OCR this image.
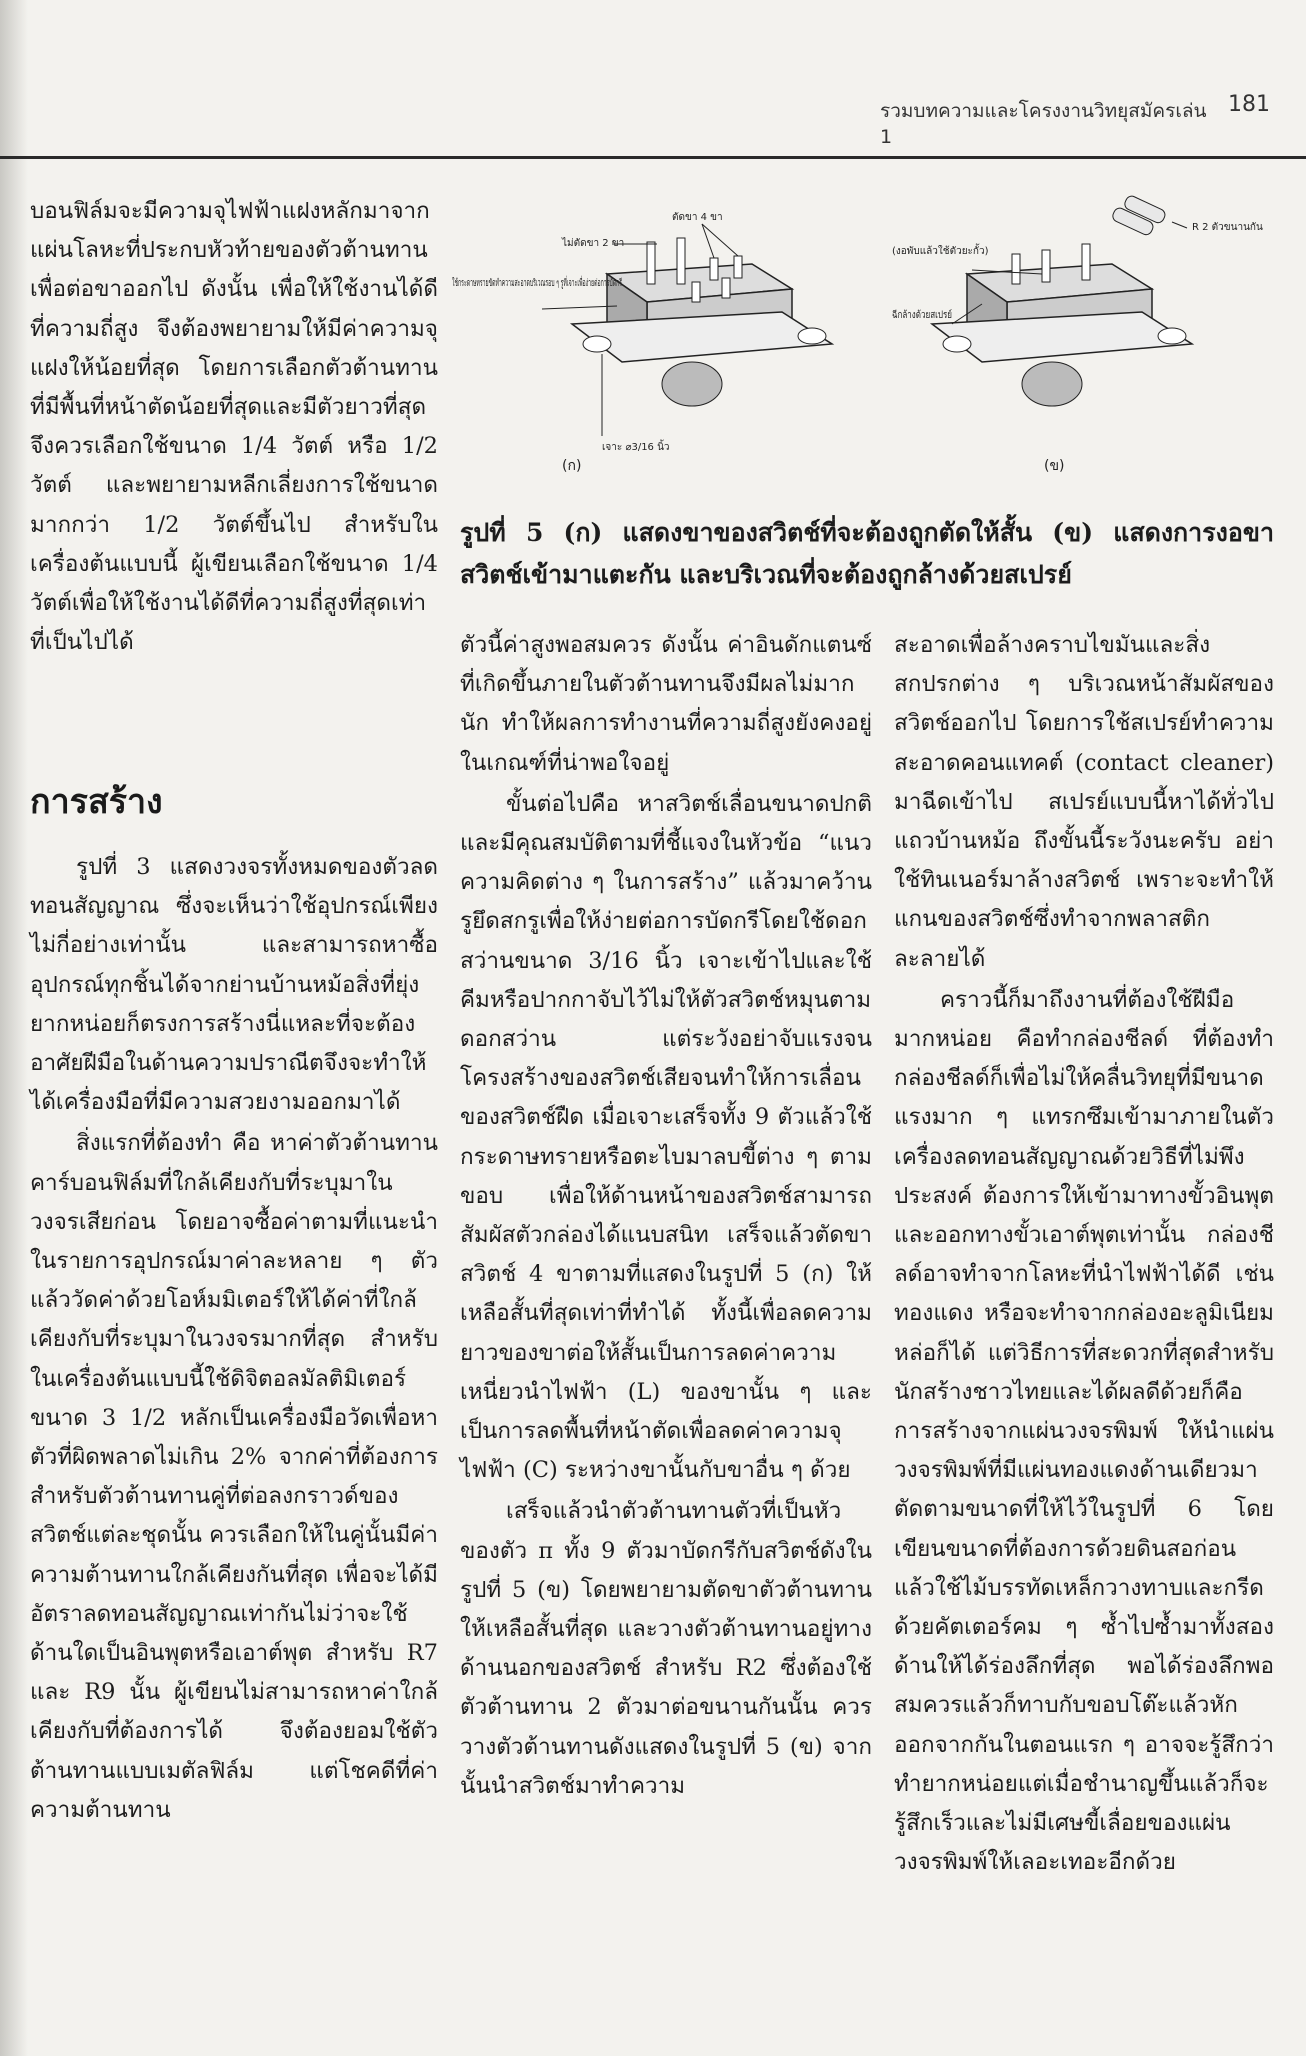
รวมบทความและโครงงานวิทยุสมัครเล่น 1
181

บอนฟิล์มจะมีความจุไฟฟ้าแฝงหลักมาจากแผ่นโลหะที่ประกบหัวท้ายของตัวต้านทานเพื่อต่อขาออกไป ดังนั้น เพื่อให้ใช้งานได้ดีที่ความถี่สูง จึงต้องพยายามให้มีค่าความจุแฝงให้น้อยที่สุด โดยการเลือกตัวต้านทานที่มีพื้นที่หน้าตัดน้อยที่สุดและมีตัวยาวที่สุด จึงควรเลือกใช้ขนาด 1/4 วัตต์ หรือ 1/2 วัตต์ และพยายามหลีกเลี่ยงการใช้ขนาดมากกว่า 1/2 วัตต์ขึ้นไป สำหรับในเครื่องต้นแบบนี้ ผู้เขียนเลือกใช้ขนาด 1/4 วัตต์เพื่อให้ใช้งานได้ดีที่ความถี่สูงที่สุดเท่าที่เป็นไปได้

การสร้าง

รูปที่ 3 แสดงวงจรทั้งหมดของตัวลดทอนสัญญาณ ซึ่งจะเห็นว่าใช้อุปกรณ์เพียงไม่กี่อย่างเท่านั้น และสามารถหาซื้ออุปกรณ์ทุกชิ้นได้จากย่านบ้านหม้อสิ่งที่ยุ่งยากหน่อยก็ตรงการสร้างนี่แหละที่จะต้องอาศัยฝีมือในด้านความปราณีตจึงจะทำให้ได้เครื่องมือที่มีความสวยงามออกมาได้

สิ่งแรกที่ต้องทำ คือ หาค่าตัวต้านทานคาร์บอนฟิล์มที่ใกล้เคียงกับที่ระบุมาในวงจรเสียก่อน โดยอาจซื้อค่าตามที่แนะนำในรายการอุปกรณ์มาค่าละหลาย ๆ ตัว แล้ววัดค่าด้วยโอห์มมิเตอร์ให้ได้ค่าที่ใกล้เคียงกับที่ระบุมาในวงจรมากที่สุด สำหรับในเครื่องต้นแบบนี้ใช้ดิจิตอลมัลติมิเตอร์ขนาด 3 1/2 หลักเป็นเครื่องมือวัดเพื่อหาตัวที่ผิดพลาดไม่เกิน 2% จากค่าที่ต้องการ สำหรับตัวต้านทานคู่ที่ต่อลงกราวด์ของสวิตช์แต่ละชุดนั้น ควรเลือกให้ในคู่นั้นมีค่าความต้านทานใกล้เคียงกันที่สุด เพื่อจะได้มีอัตราลดทอนสัญญาณเท่ากันไม่ว่าจะใช้ด้านใดเป็นอินพุตหรือเอาต์พุต สำหรับ R7 และ R9 นั้น ผู้เขียนไม่สามารถหาค่าใกล้เคียงกับที่ต้องการได้ จึงต้องยอมใช้ตัวต้านทานแบบเมตัลฟิล์ม แต่โชคดีที่ค่าความต้านทาน

ไม่ตัดขา 2 ขา
ตัดขา 4 ขา
ใช้กระดาษทรายขัดทำความสะอาดบริเวณรอบ ๆ รูที่เจาะเพื่อง่ายต่อการบัดกรี
เจาะ ⌀3/16 นิ้ว
(ก)
(งอพับแล้วใช้ตัวยะกั้ว)
R 2 ตัวขนานกัน
ฉีกล้างด้วยสเปรย์
(ข)

รูปที่ 5 (ก) แสดงขาของสวิตช์ที่จะต้องถูกตัดให้สั้น (ข) แสดงการงอขาสวิตช์เข้ามาแตะกัน และบริเวณที่จะต้องถูกล้างด้วยสเปรย์

ตัวนี้ค่าสูงพอสมควร ดังนั้น ค่าอินดักแตนซ์ที่เกิดขึ้นภายในตัวต้านทานจึงมีผลไม่มากนัก ทำให้ผลการทำงานที่ความถี่สูงยังคงอยู่ในเกณฑ์ที่น่าพอใจอยู่

ขั้นต่อไปคือ หาสวิตช์เลื่อนขนาดปกติ และมีคุณสมบัติตามที่ชี้แจงในหัวข้อ “แนวความคิดต่าง ๆ ในการสร้าง” แล้วมาคว้านรูยึดสกรูเพื่อให้ง่ายต่อการบัดกรีโดยใช้ดอกสว่านขนาด 3/16 นิ้ว เจาะเข้าไปและใช้คีมหรือปากกาจับไว้ไม่ให้ตัวสวิตช์หมุนตามดอกสว่าน แต่ระวังอย่าจับแรงจนโครงสร้างของสวิตช์เสียจนทำให้การเลื่อนของสวิตช์ฝืด เมื่อเจาะเสร็จทั้ง 9 ตัวแล้วใช้กระดาษทรายหรือตะไบมาลบขี้ต่าง ๆ ตามขอบ เพื่อให้ด้านหน้าของสวิตช์สามารถสัมผัสตัวกล่องได้แนบสนิท เสร็จแล้วตัดขาสวิตช์ 4 ขาตามที่แสดงในรูปที่ 5 (ก) ให้เหลือสั้นที่สุดเท่าที่ทำได้ ทั้งนี้เพื่อลดความยาวของขาต่อให้สั้นเป็นการลดค่าความเหนี่ยวนำไฟฟ้า (L) ของขานั้น ๆ และเป็นการลดพื้นที่หน้าตัดเพื่อลดค่าความจุไฟฟ้า (C) ระหว่างขานั้นกับขาอื่น ๆ ด้วย

เสร็จแล้วนำตัวต้านทานตัวที่เป็นหัวของตัว π ทั้ง 9 ตัวมาบัดกรีกับสวิตช์ดังในรูปที่ 5 (ข) โดยพยายามตัดขาตัวต้านทานให้เหลือสั้นที่สุด และวางตัวต้านทานอยู่ทางด้านนอกของสวิตช์ สำหรับ R2 ซึ่งต้องใช้ตัวต้านทาน 2 ตัวมาต่อขนานกันนั้น ควรวางตัวต้านทานดังแสดงในรูปที่ 5 (ข) จากนั้นนำสวิตช์มาทำความ

สะอาดเพื่อล้างคราบไขมันและสิ่งสกปรกต่าง ๆ บริเวณหน้าสัมผัสของสวิตช์ออกไป โดยการใช้สเปรย์ทำความสะอาดคอนแทคต์ (contact cleaner) มาฉีดเข้าไป สเปรย์แบบนี้หาได้ทั่วไปแถวบ้านหม้อ ถึงขั้นนี้ระวังนะครับ อย่าใช้ทินเนอร์มาล้างสวิตช์ เพราะจะทำให้แกนของสวิตช์ซึ่งทำจากพลาสติกละลายได้

คราวนี้ก็มาถึงงานที่ต้องใช้ฝีมือมากหน่อย คือทำกล่องชีลด์ ที่ต้องทำกล่องชีลด์ก็เพื่อไม่ให้คลื่นวิทยุที่มีขนาดแรงมาก ๆ แทรกซึมเข้ามาภายในตัวเครื่องลดทอนสัญญาณด้วยวิธีที่ไม่พึงประสงค์ ต้องการให้เข้ามาทางขั้วอินพุตและออกทางขั้วเอาต์พุตเท่านั้น กล่องชีลด์อาจทำจากโลหะที่นำไฟฟ้าได้ดี เช่น ทองแดง หรือจะทำจากกล่องอะลูมิเนียมหล่อก็ได้ แต่วิธีการที่สะดวกที่สุดสำหรับนักสร้างชาวไทยและได้ผลดีด้วยก็คือการสร้างจากแผ่นวงจรพิมพ์ ให้นำแผ่นวงจรพิมพ์ที่มีแผ่นทองแดงด้านเดียวมาตัดตามขนาดที่ให้ไว้ในรูปที่ 6 โดยเขียนขนาดที่ต้องการด้วยดินสอก่อนแล้วใช้ไม้บรรทัดเหล็กวางทาบและกรีดด้วยคัตเตอร์คม ๆ ซ้ำไปซ้ำมาทั้งสองด้านให้ได้ร่องลึกที่สุด พอได้ร่องลึกพอสมควรแล้วก็ทาบกับขอบโต๊ะแล้วหักออกจากกันในตอนแรก ๆ อาจจะรู้สึกว่าทำยากหน่อยแต่เมื่อชำนาญขึ้นแล้วก็จะรู้สึกเร็วและไม่มีเศษขี้เลื่อยของแผ่นวงจรพิมพ์ให้เลอะเทอะอีกด้วย
